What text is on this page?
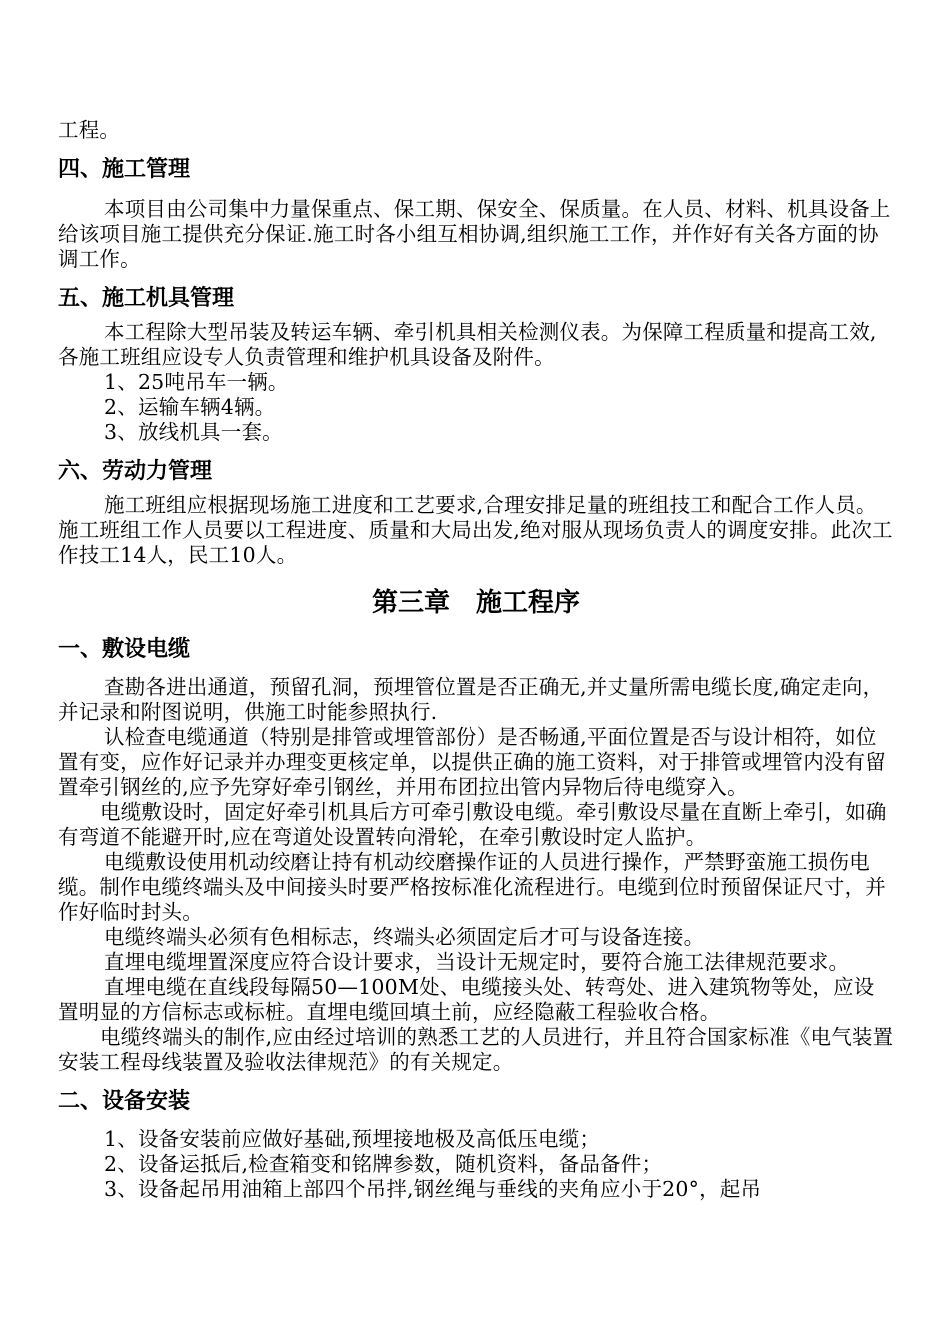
工程。

四、施工管理

本项目由公司集中力量保重点、保工期、保安全、保质量。在人员、材料、机具设备上给该项目施工提供充分保证.施工时各小组互相协调,组织施工工作，并作好有关各方面的协调工作。

五、施工机具管理

本工程除大型吊装及转运车辆、牵引机具相关检测仪表。为保障工程质量和提高工效,各施工班组应设专人负责管理和维护机具设备及附件。

1、25吨吊车一辆。

2、运输车辆4辆。

3、放线机具一套。

六、劳动力管理

施工班组应根据现场施工进度和工艺要求,合理安排足量的班组技工和配合工作人员。施工班组工作人员要以工程进度、质量和大局出发,绝对服从现场负责人的调度安排。此次工作技工14人，民工10人。

第三章　施工程序
一、敷设电缆

查勘各进出通道，预留孔洞，预埋管位置是否正确无,并丈量所需电缆长度,确定走向，并记录和附图说明，供施工时能参照执行.

认检查电缆通道（特别是排管或埋管部份）是否畅通,平面位置是否与设计相符，如位置有变，应作好记录并办理变更核定单，以提供正确的施工资料，对于排管或埋管内没有留置牵引钢丝的,应予先穿好牵引钢丝，并用布团拉出管内异物后待电缆穿入。

电缆敷设时，固定好牵引机具后方可牵引敷设电缆。牵引敷设尽量在直断上牵引，如确有弯道不能避开时,应在弯道处设置转向滑轮，在牵引敷设时定人监护。

电缆敷设使用机动绞磨让持有机动绞磨操作证的人员进行操作，严禁野蛮施工损伤电缆。制作电缆终端头及中间接头时要严格按标准化流程进行。电缆到位时预留保证尺寸，并作好临时封头。

电缆终端头必须有色相标志，终端头必须固定后才可与设备连接。

直埋电缆埋置深度应符合设计要求，当设计无规定时，要符合施工法律规范要求。

直埋电缆在直线段每隔50—100M处、电缆接头处、转弯处、进入建筑物等处，应设置明显的方信标志或标桩。直埋电缆回填土前，应经隐蔽工程验收合格。

电缆终端头的制作,应由经过培训的熟悉工艺的人员进行，并且符合国家标准《电气装置安装工程母线装置及验收法律规范》的有关规定。

二、设备安装

1、设备安装前应做好基础,预埋接地极及高低压电缆；

2、设备运抵后,检查箱变和铭牌参数，随机资料，备品备件；

3、设备起吊用油箱上部四个吊拌,钢丝绳与垂线的夹角应小于20°，起吊
